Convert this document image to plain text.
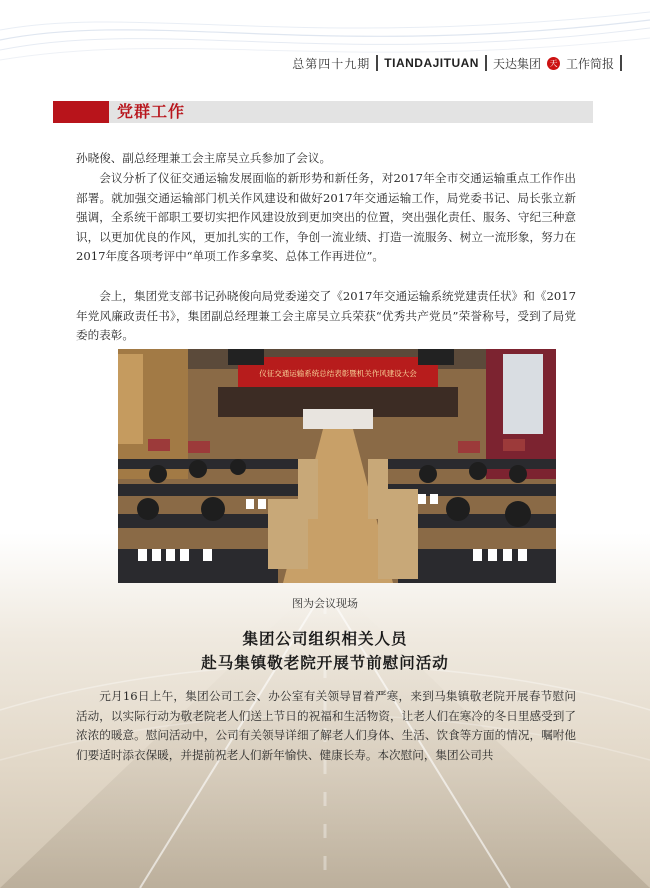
总第四十九期 TIANDAJITUAN 天达集团	天 工作简报
党群工作

孙晓俊、副总经理兼工会主席吴立兵参加了会议。

会议分析了仪征交通运输发展面临的新形势和新任务，对2017年全市交通运输重点工作作出部署。就加强交通运输部门机关作风建设和做好2017年交通运输工作，局党委书记、局长张立新强调，全系统干部职工要切实把作风建设放到更加突出的位置，突出强化责任、服务、守纪三种意识，以更加优良的作风，更加扎实的工作，争创一流业绩、打造一流服务、树立一流形象，努力在2017年度各项考评中“单项工作多拿奖、总体工作再进位”。

会上，集团党支部书记孙晓俊向局党委递交了《2017年交通运输系统党建责任状》和《2017年党风廉政责任书》，集团副总经理兼工会主席吴立兵荣获“优秀共产党员”荣誉称号，受到了局党委的表彰。

仪征交通运输系统总结表彰暨机关作风建设大会
图为会议现场
集团公司组织相关人员
赴马集镇敬老院开展节前慰问活动

元月16日上午，集团公司工会、办公室有关领导冒着严寒，来到马集镇敬老院开展春节慰问活动，以实际行动为敬老院老人们送上节日的祝福和生活物资，让老人们在寒冷的冬日里感受到了浓浓的暖意。慰问活动中，公司有关领导详细了解老人们身体、生活、饮食等方面的情况，嘱咐他们要适时添衣保暖，并提前祝老人们新年愉快、健康长寿。本次慰问，集团公司共
